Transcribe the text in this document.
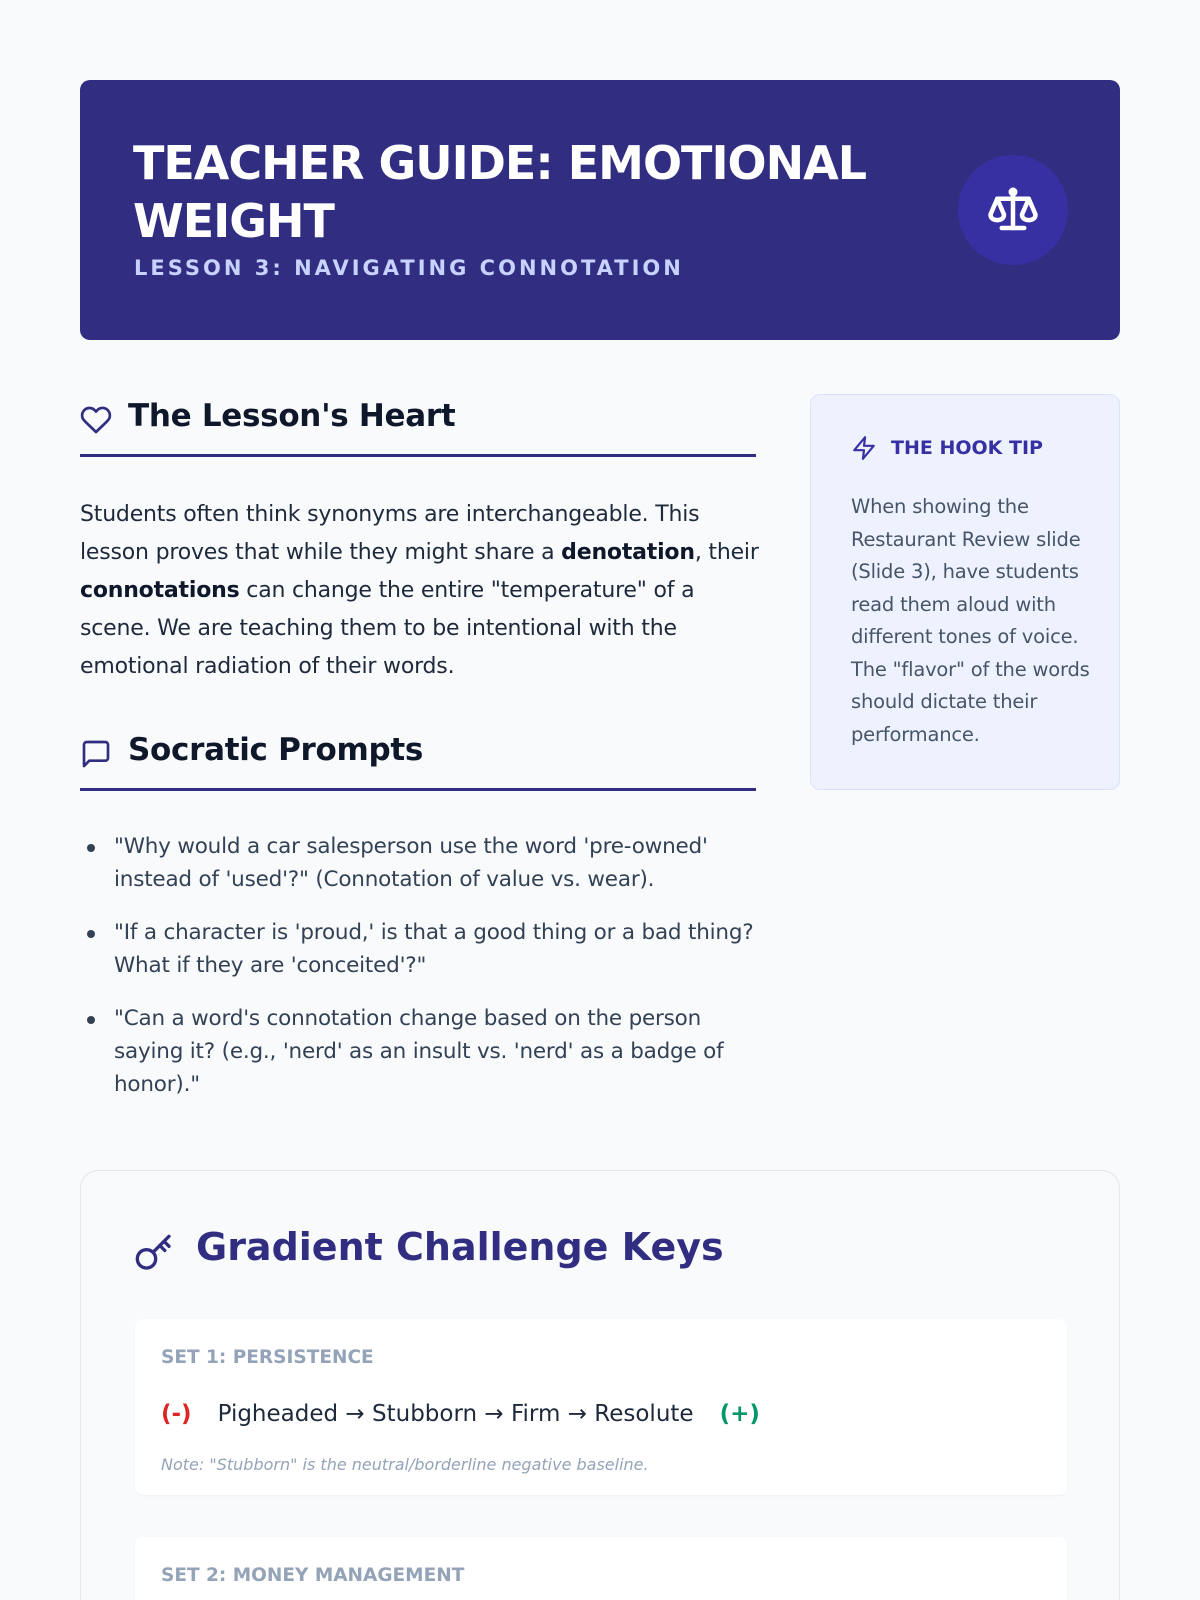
TEACHER GUIDE: EMOTIONAL WEIGHT
LESSON 3: NAVIGATING CONNOTATION
The Lesson's Heart

Students often think synonyms are interchangeable. This lesson proves that while they might share a denotation, their connotations can change the entire "temperature" of a scene. We are teaching them to be intentional with the emotional radiation of their words.

Socratic Prompts
"Why would a car salesperson use the word 'pre-owned' instead of 'used'?" (Connotation of value vs. wear).
"If a character is 'proud,' is that a good thing or a bad thing? What if they are 'conceited'?"
"Can a word's connotation change based on the person saying it? (e.g., 'nerd' as an insult vs. 'nerd' as a badge of honor)."
THE HOOK TIP
When showing the Restaurant Review slide (Slide 3), have students read them aloud with different tones of voice. The "flavor" of the words should dictate their performance.
Gradient Challenge Keys
SET 1: PERSISTENCE
(-) Pigheaded → Stubborn → Firm → Resolute (+)
Note: "Stubborn" is the neutral/borderline negative baseline.
SET 2: MONEY MANAGEMENT
